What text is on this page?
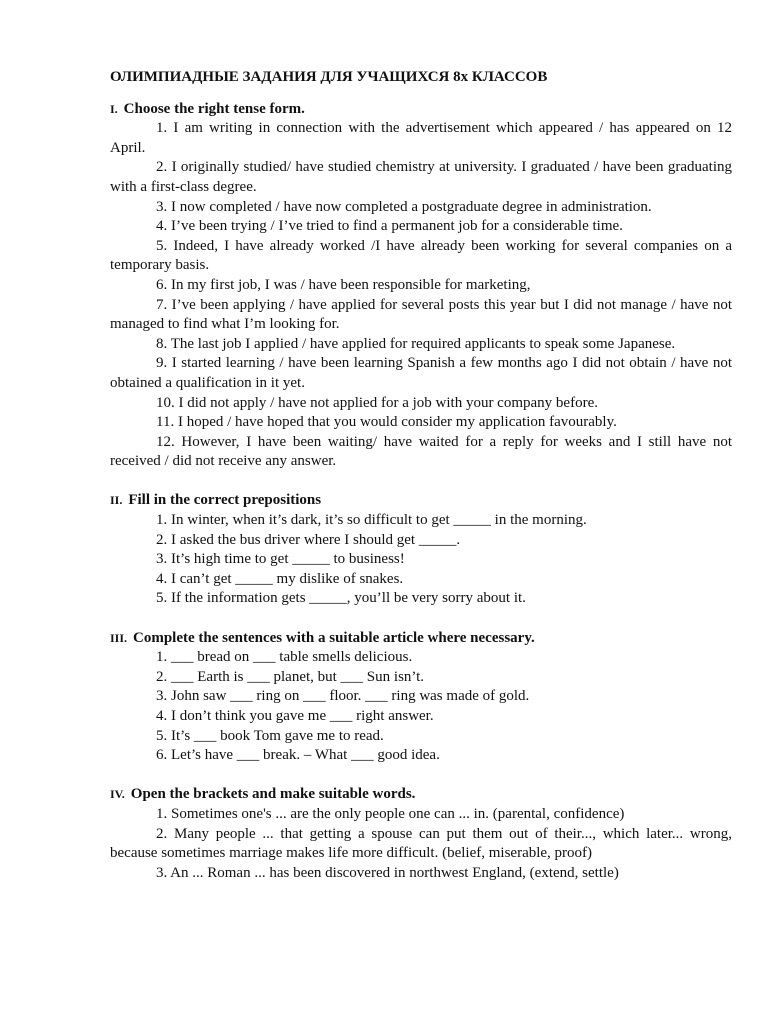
ОЛИМПИАДНЫЕ ЗАДАНИЯ ДЛЯ УЧАЩИХСЯ 8х КЛАССОВ

I. Choose the right tense form.

1. I am writing in connection with the advertisement which appeared / has appeared on 12 April.

2. I originally studied/ have studied chemistry at university. I graduated / have been graduating with a first-class degree.

3. I now completed / have now completed a postgraduate degree in administration.

4. I’ve been trying / I’ve tried to find a permanent job for a considerable time.

5. Indeed, I have already worked /I have already been working for several companies on a temporary basis.

6. In my first job, I was / have been responsible for marketing,

7. I’ve been applying / have applied for several posts this year but I did not manage / have not managed to find what I’m looking for.

8. The last job I applied / have applied for required applicants to speak some Japanese.

9. I started learning / have been learning Spanish a few months ago I did not obtain / have not obtained a qualification in it yet.

10. I did not apply / have not applied for a job with your company before.

11. I hoped / have hoped that you would consider my application favourably.

12. However, I have been waiting/ have waited for a reply for weeks and I still have not received / did not receive any answer.

II. Fill in the correct prepositions

1. In winter, when it’s dark, it’s so difficult to get _____ in the morning.

2. I asked the bus driver where I should get _____.

3. It’s high time to get _____ to business!

4. I can’t get _____ my dislike of snakes.

5. If the information gets _____, you’ll be very sorry about it.

III. Complete the sentences with a suitable article where necessary.

1. ___ bread on ___ table smells delicious.

2. ___ Earth is ___ planet, but ___ Sun isn’t.

3. John saw ___ ring on ___ floor. ___ ring was made of gold.

4. I don’t think you gave me ___ right answer.

5. It’s ___ book Tom gave me to read.

6. Let’s have ___ break. – What ___ good idea.

IV. Open the brackets and make suitable words.

1. Sometimes one's ... are the only people one can ... in. (parental, confidence)

2. Many people ... that getting a spouse can put them out of their..., which later... wrong, because sometimes marriage makes life more difficult. (belief, miserable, proof)

3. An ... Roman ... has been discovered in northwest England, (extend, settle)
